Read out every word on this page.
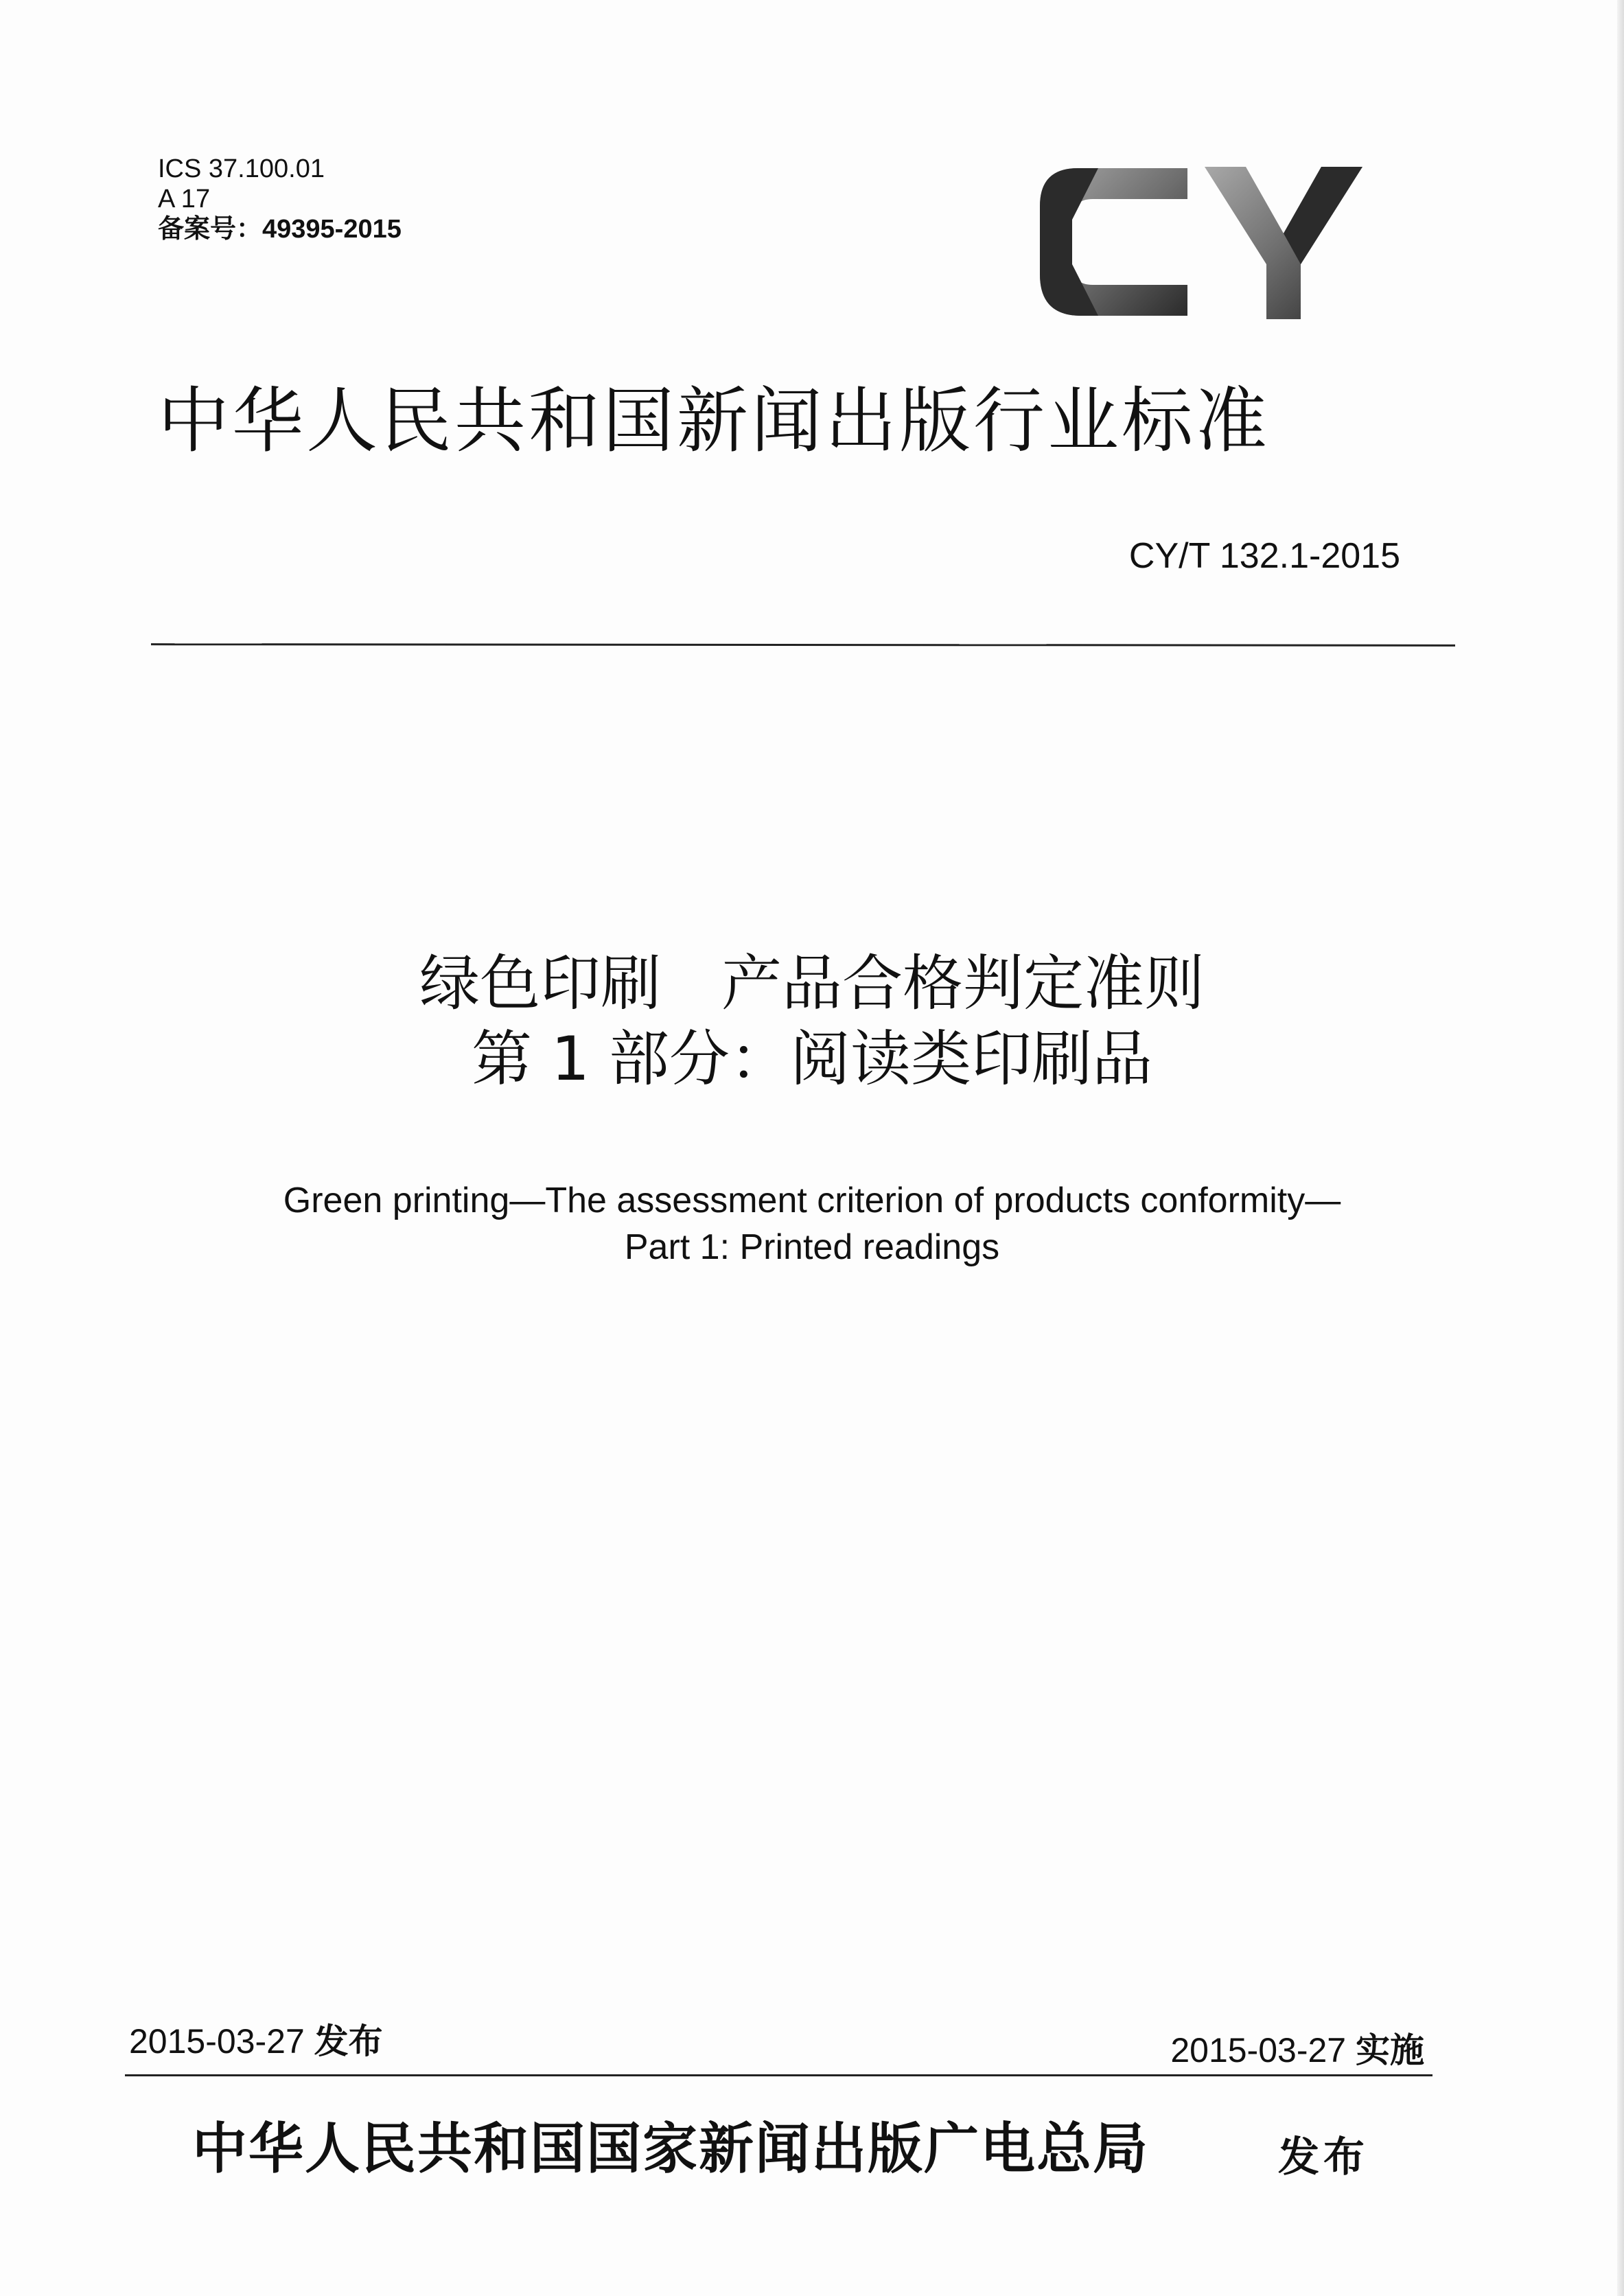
ICS 37.100.01
A 17
备案号：49395-2015
中华人民共和国新闻出版行业标准
CY/T 132.1-2015
绿色印刷　产品合格判定准则
第 1 部分：阅读类印刷品
Green printing—The assessment criterion of products conformity—
Part 1: Printed readings
2015-03-27 发布	2015-03-27 实施
中华人民共和国国家新闻出版广电总局	发布
